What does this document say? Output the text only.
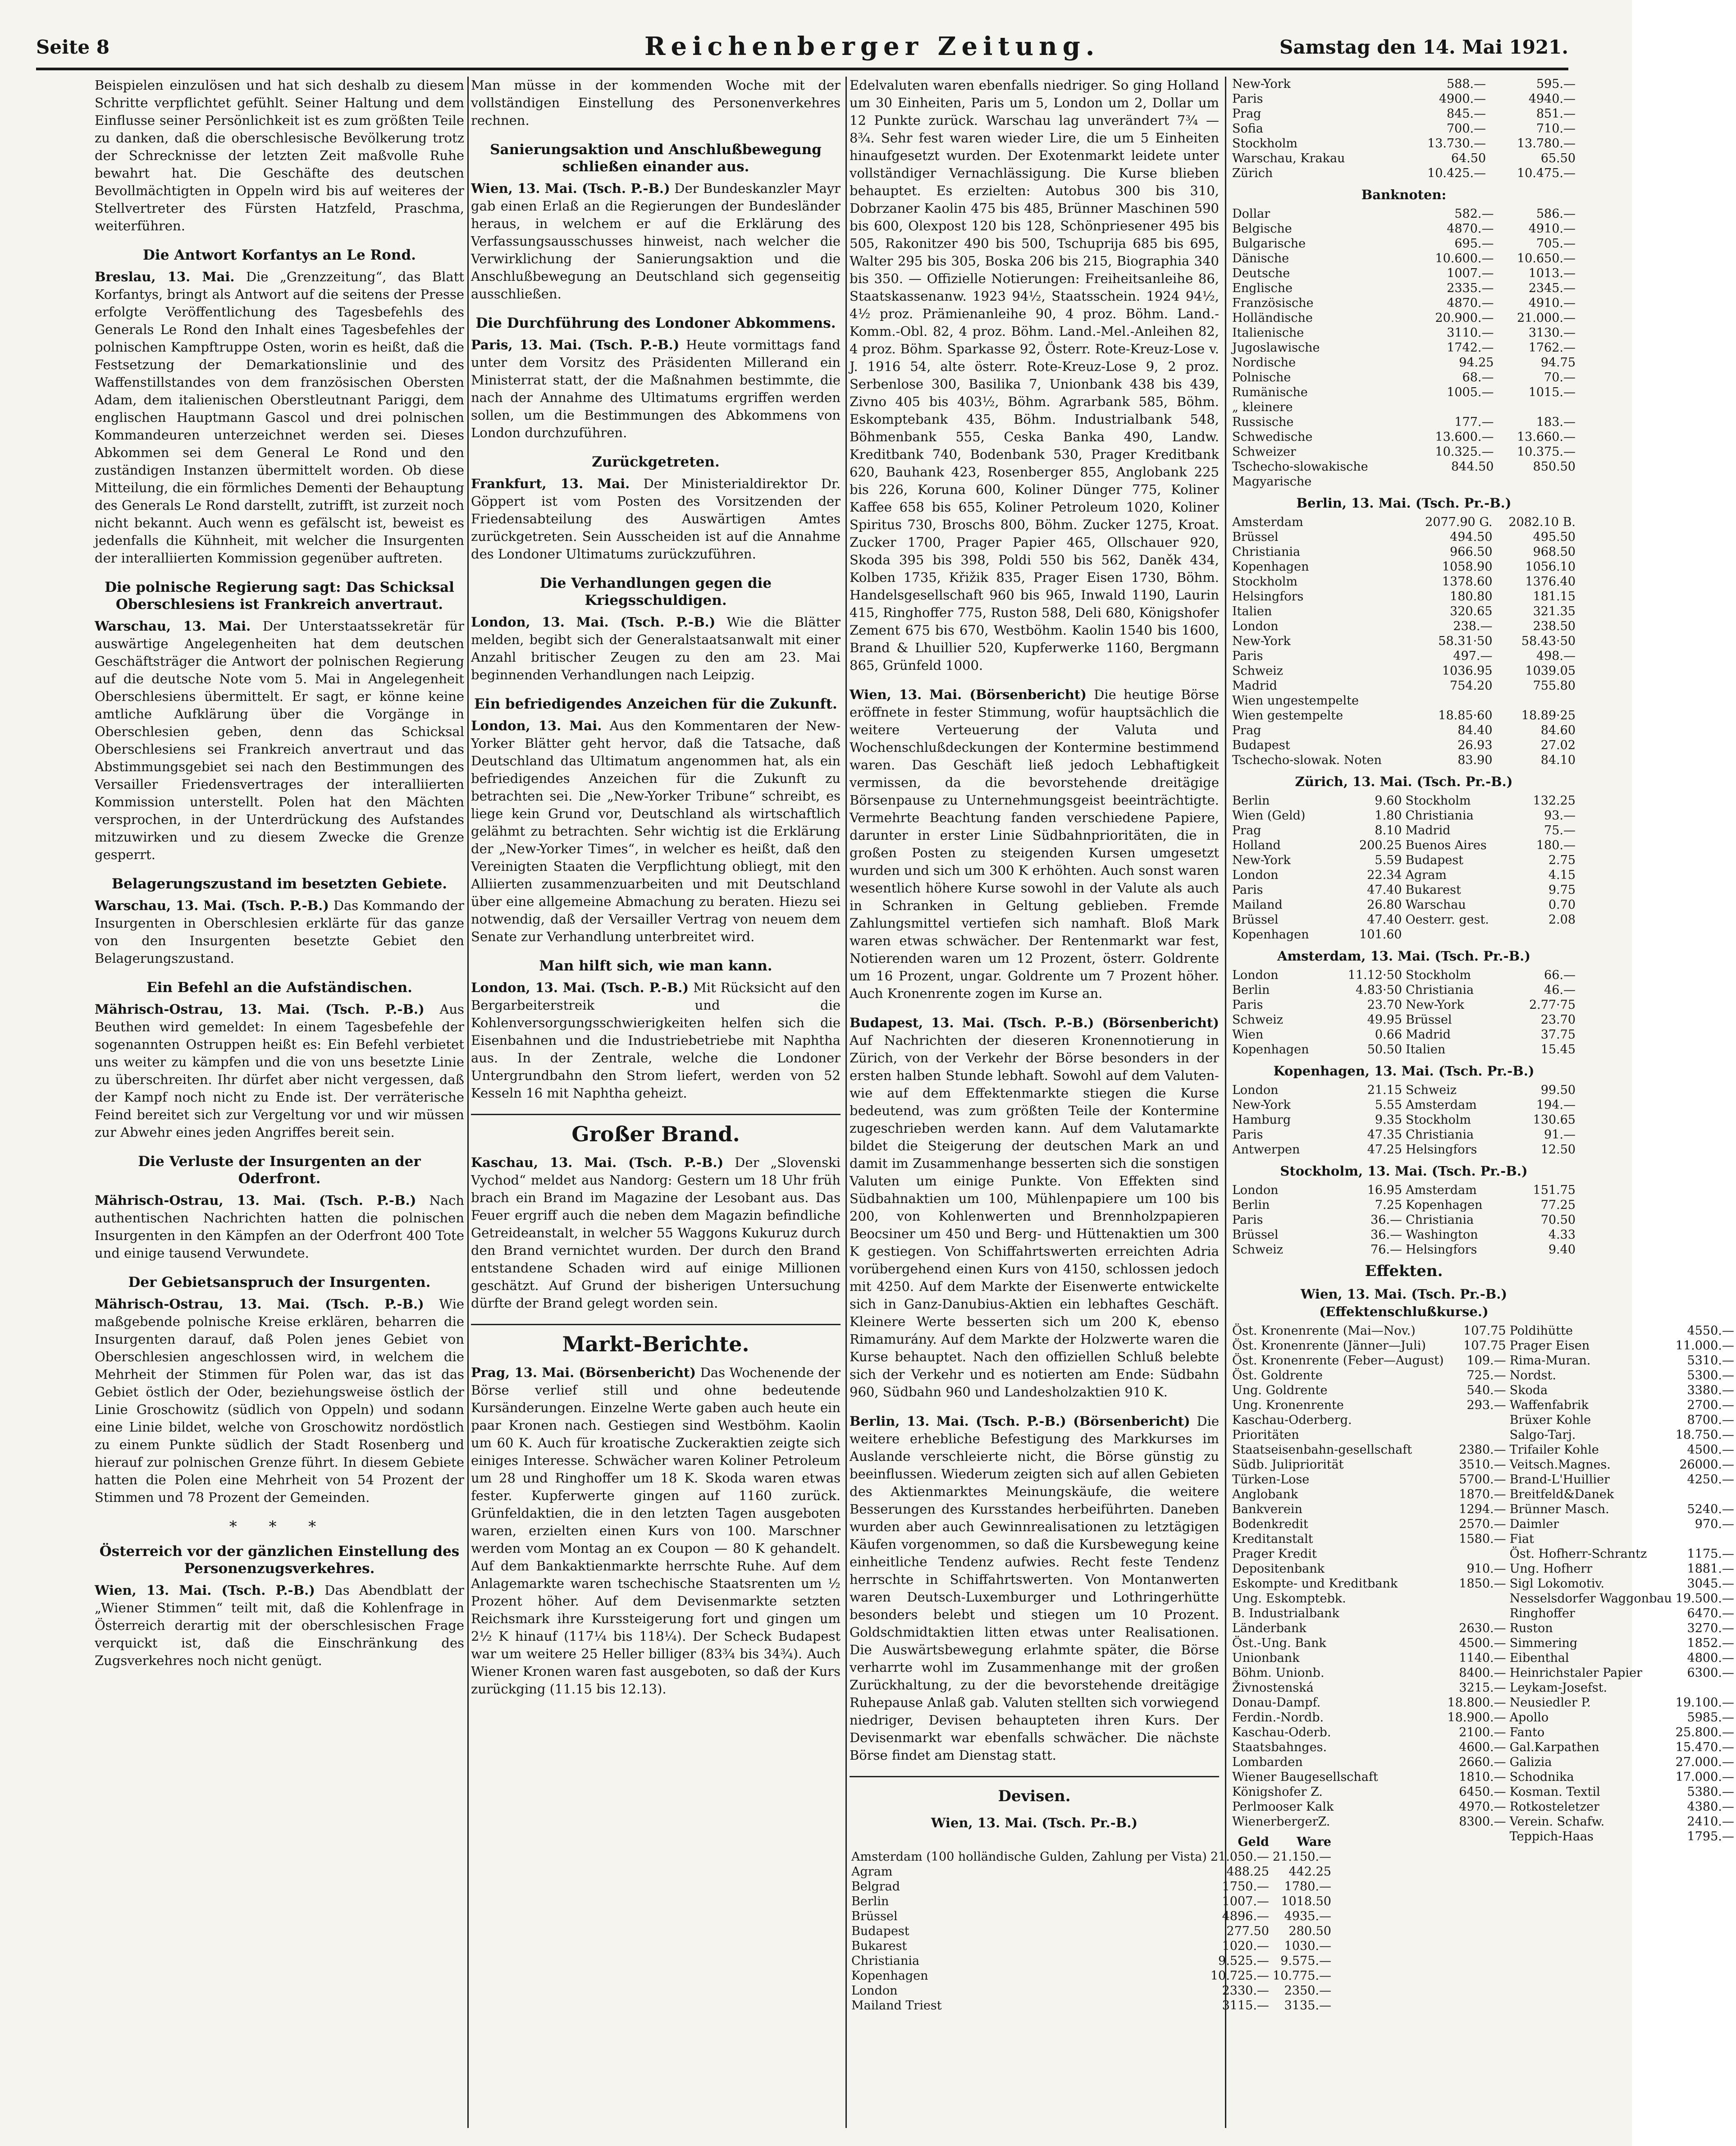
Seite 8	Reichenberger Zeitung.	Samstag den 14. Mai 1921.
Beispielen einzulösen und hat sich deshalb zu diesem Schritte verpflichtet gefühlt. Seiner Haltung und dem Einflusse seiner Persönlichkeit ist es zum größten Teile zu danken, daß die oberschlesische Bevölkerung trotz der Schrecknisse der letzten Zeit maßvolle Ruhe bewahrt hat. Die Geschäfte des deutschen Bevollmächtigten in Oppeln wird bis auf weiteres der Stellvertreter des Fürsten Hatzfeld, Praschma, weiterführen.
Die Antwort Korfantys an Le Rond.
Breslau, 13. Mai. Die „Grenzzeitung“, das Blatt Korfantys, bringt als Antwort auf die seitens der Presse erfolgte Veröffentlichung des Tagesbefehls des Generals Le Rond den Inhalt eines Tagesbefehles der polnischen Kampftruppe Osten, worin es heißt, daß die Festsetzung der Demarkationslinie und des Waffenstillstandes von dem französischen Obersten Adam, dem italienischen Oberstleutnant Pariggi, dem englischen Hauptmann Gascol und drei polnischen Kommandeuren unterzeichnet werden sei. Dieses Abkommen sei dem General Le Rond und den zuständigen Instanzen übermittelt worden. Ob diese Mitteilung, die ein förmliches Dementi der Behauptung des Generals Le Rond darstellt, zutrifft, ist zurzeit noch nicht bekannt. Auch wenn es gefälscht ist, beweist es jedenfalls die Kühnheit, mit welcher die Insurgenten der interalliierten Kommission gegenüber auftreten.
Die polnische Regierung sagt: Das Schicksal Oberschlesiens ist Frankreich anvertraut.
Warschau, 13. Mai. Der Unterstaatssekretär für auswärtige Angelegenheiten hat dem deutschen Geschäftsträger die Antwort der polnischen Regierung auf die deutsche Note vom 5. Mai in Angelegenheit Oberschlesiens übermittelt. Er sagt, er könne keine amtliche Aufklärung über die Vorgänge in Oberschlesien geben, denn das Schicksal Oberschlesiens sei Frankreich anvertraut und das Abstimmungsgebiet sei nach den Bestimmungen des Versailler Friedensvertrages der interalliierten Kommission unterstellt. Polen hat den Mächten versprochen, in der Unterdrückung des Aufstandes mitzuwirken und zu diesem Zwecke die Grenze gesperrt.
Belagerungszustand im besetzten Gebiete.
Warschau, 13. Mai. (Tsch. P.-B.) Das Kommando der Insurgenten in Oberschlesien erklärte für das ganze von den Insurgenten besetzte Gebiet den Belagerungszustand.
Ein Befehl an die Aufständischen.
Mährisch-Ostrau, 13. Mai. (Tsch. P.-B.) Aus Beuthen wird gemeldet: In einem Tagesbefehle der sogenannten Ostruppen heißt es: Ein Befehl verbietet uns weiter zu kämpfen und die von uns besetzte Linie zu überschreiten. Ihr dürfet aber nicht vergessen, daß der Kampf noch nicht zu Ende ist. Der verräterische Feind bereitet sich zur Vergeltung vor und wir müssen zur Abwehr eines jeden Angriffes bereit sein.
Die Verluste der Insurgenten an der Oderfront.
Mährisch-Ostrau, 13. Mai. (Tsch. P.-B.) Nach authentischen Nachrichten hatten die polnischen Insurgenten in den Kämpfen an der Oderfront 400 Tote und einige tausend Verwundete.
Der Gebietsanspruch der Insurgenten.
Mährisch-Ostrau, 13. Mai. (Tsch. P.-B.) Wie maßgebende polnische Kreise erklären, beharren die Insurgenten darauf, daß Polen jenes Gebiet von Oberschlesien angeschlossen wird, in welchem die Mehrheit der Stimmen für Polen war, das ist das Gebiet östlich der Oder, beziehungsweise östlich der Linie Groschowitz (südlich von Oppeln) und sodann eine Linie bildet, welche von Groschowitz nordöstlich zu einem Punkte südlich der Stadt Rosenberg und hierauf zur polnischen Grenze führt. In diesem Gebiete hatten die Polen eine Mehrheit von 54 Prozent der Stimmen und 78 Prozent der Gemeinden.
* * *
Österreich vor der gänzlichen Einstellung des Personenzugsverkehres.
Wien, 13. Mai. (Tsch. P.-B.) Das Abendblatt der „Wiener Stimmen“ teilt mit, daß die Kohlenfrage in Österreich derartig mit der oberschlesischen Frage verquickt ist, daß die Einschränkung des Zugsverkehres noch nicht genügt.
Man müsse in der kommenden Woche mit der vollständigen Einstellung des Personenverkehres rechnen.
Sanierungsaktion und Anschlußbewegung schließen einander aus.
Wien, 13. Mai. (Tsch. P.-B.) Der Bundeskanzler Mayr gab einen Erlaß an die Regierungen der Bundesländer heraus, in welchem er auf die Erklärung des Verfassungsausschusses hinweist, nach welcher die Verwirklichung der Sanierungsaktion und die Anschlußbewegung an Deutschland sich gegenseitig ausschließen.
Die Durchführung des Londoner Abkommens.
Paris, 13. Mai. (Tsch. P.-B.) Heute vormittags fand unter dem Vorsitz des Präsidenten Millerand ein Ministerrat statt, der die Maßnahmen bestimmte, die nach der Annahme des Ultimatums ergriffen werden sollen, um die Bestimmungen des Abkommens von London durchzuführen.
Zurückgetreten.
Frankfurt, 13. Mai. Der Ministerialdirektor Dr. Göppert ist vom Posten des Vorsitzenden der Friedensabteilung des Auswärtigen Amtes zurückgetreten. Sein Ausscheiden ist auf die Annahme des Londoner Ultimatums zurückzuführen.
Die Verhandlungen gegen die Kriegsschuldigen.
London, 13. Mai. (Tsch. P.-B.) Wie die Blätter melden, begibt sich der Generalstaatsanwalt mit einer Anzahl britischer Zeugen zu den am 23. Mai beginnenden Verhandlungen nach Leipzig.
Ein befriedigendes Anzeichen für die Zukunft.
London, 13. Mai. Aus den Kommentaren der New-Yorker Blätter geht hervor, daß die Tatsache, daß Deutschland das Ultimatum angenommen hat, als ein befriedigendes Anzeichen für die Zukunft zu betrachten sei. Die „New-Yorker Tribune“ schreibt, es liege kein Grund vor, Deutschland als wirtschaftlich gelähmt zu betrachten. Sehr wichtig ist die Erklärung der „New-Yorker Times“, in welcher es heißt, daß den Vereinigten Staaten die Verpflichtung obliegt, mit den Alliierten zusammenzuarbeiten und mit Deutschland über eine allgemeine Abmachung zu beraten. Hiezu sei notwendig, daß der Versailler Vertrag von neuem dem Senate zur Verhandlung unterbreitet wird.
Man hilft sich, wie man kann.
London, 13. Mai. (Tsch. P.-B.) Mit Rücksicht auf den Bergarbeiterstreik und die Kohlenversorgungsschwierigkeiten helfen sich die Eisenbahnen und die Industriebetriebe mit Naphtha aus. In der Zentrale, welche die Londoner Untergrundbahn den Strom liefert, werden von 52 Kesseln 16 mit Naphtha geheizt.
Großer Brand.
Kaschau, 13. Mai. (Tsch. P.-B.) Der „Slovenski Vychod“ meldet aus Nandorg: Gestern um 18 Uhr früh brach ein Brand im Magazine der Lesobant aus. Das Feuer ergriff auch die neben dem Magazin befindliche Getreideanstalt, in welcher 55 Waggons Kukuruz durch den Brand vernichtet wurden. Der durch den Brand entstandene Schaden wird auf einige Millionen geschätzt. Auf Grund der bisherigen Untersuchung dürfte der Brand gelegt worden sein.
Markt-Berichte.
Prag, 13. Mai. (Börsenbericht) Das Wochenende der Börse verlief still und ohne bedeutende Kursänderungen. Einzelne Werte gaben auch heute ein paar Kronen nach. Gestiegen sind Westböhm. Kaolin um 60 K. Auch für kroatische Zuckeraktien zeigte sich einiges Interesse. Schwächer waren Koliner Petroleum um 28 und Ringhoffer um 18 K. Skoda waren etwas fester. Kupferwerte gingen auf 1160 zurück. Grünfeldaktien, die in den letzten Tagen ausgeboten waren, erzielten einen Kurs von 100. Marschner werden vom Montag an ex Coupon — 80 K gehandelt. Auf dem Bankaktienmarkte herrschte Ruhe. Auf dem Anlagemarkte waren tschechische Staatsrenten um ½ Prozent höher. Auf dem Devisenmarkte setzten Reichsmark ihre Kurssteigerung fort und gingen um 2½ K hinauf (117¼ bis 118¼). Der Scheck Budapest war um weitere 25 Heller billiger (83¾ bis 34¾). Auch Wiener Kronen waren fast ausgeboten, so daß der Kurs zurückging (11.15 bis 12.13).
Edelvaluten waren ebenfalls niedriger. So ging Holland um 30 Einheiten, Paris um 5, London um 2, Dollar um 12 Punkte zurück. Warschau lag unverändert 7¾ — 8¾. Sehr fest waren wieder Lire, die um 5 Einheiten hinaufgesetzt wurden. Der Exotenmarkt leidete unter vollständiger Vernachlässigung. Die Kurse blieben behauptet. Es erzielten: Autobus 300 bis 310, Dobrzaner Kaolin 475 bis 485, Brünner Maschinen 590 bis 600, Olexpost 120 bis 128, Schönpriesener 495 bis 505, Rakonitzer 490 bis 500, Tschuprija 685 bis 695, Walter 295 bis 305, Boska 206 bis 215, Biographia 340 bis 350. — Offizielle Notierungen: Freiheitsanleihe 86, Staatskassenanw. 1923 94½, Staatsschein. 1924 94½, 4½ proz. Prämienanleihe 90, 4 proz. Böhm. Land.-Komm.-Obl. 82, 4 proz. Böhm. Land.-Mel.-Anleihen 82, 4 proz. Böhm. Sparkasse 92, Österr. Rote-Kreuz-Lose v. J. 1916 54, alte österr. Rote-Kreuz-Lose 9, 2 proz. Serbenlose 300, Basilika 7, Unionbank 438 bis 439, Zivno 405 bis 403½, Böhm. Agrarbank 585, Böhm. Eskomptebank 435, Böhm. Industrialbank 548, Böhmenbank 555, Ceska Banka 490, Landw. Kreditbank 740, Bodenbank 530, Prager Kreditbank 620, Bauhank 423, Rosenberger 855, Anglobank 225 bis 226, Koruna 600, Koliner Dünger 775, Koliner Kaffee 658 bis 655, Koliner Petroleum 1020, Koliner Spiritus 730, Broschs 800, Böhm. Zucker 1275, Kroat. Zucker 1700, Prager Papier 465, Ollschauer 920, Skoda 395 bis 398, Poldi 550 bis 562, Daněk 434, Kolben 1735, Křižik 835, Prager Eisen 1730, Böhm. Handelsgesellschaft 960 bis 965, Inwald 1190, Laurin 415, Ringhoffer 775, Ruston 588, Deli 680, Königshofer Zement 675 bis 670, Westböhm. Kaolin 1540 bis 1600, Brand & Lhuillier 520, Kupferwerke 1160, Bergmann 865, Grünfeld 1000.
Wien, 13. Mai. (Börsenbericht) Die heutige Börse eröffnete in fester Stimmung, wofür hauptsächlich die weitere Verteuerung der Valuta und Wochenschlußdeckungen der Kontermine bestimmend waren. Das Geschäft ließ jedoch Lebhaftigkeit vermissen, da die bevorstehende dreitägige Börsenpause zu Unternehmungsgeist beeinträchtigte. Vermehrte Beachtung fanden verschiedene Papiere, darunter in erster Linie Südbahnprioritäten, die in großen Posten zu steigenden Kursen umgesetzt wurden und sich um 300 K erhöhten. Auch sonst waren wesentlich höhere Kurse sowohl in der Valute als auch in Schranken in Geltung geblieben. Fremde Zahlungsmittel vertiefen sich namhaft. Bloß Mark waren etwas schwächer. Der Rentenmarkt war fest, Notierenden waren um 12 Prozent, österr. Goldrente um 16 Prozent, ungar. Goldrente um 7 Prozent höher. Auch Kronenrente zogen im Kurse an.
Budapest, 13. Mai. (Tsch. P.-B.) (Börsenbericht) Auf Nachrichten der dieseren Kronennotierung in Zürich, von der Verkehr der Börse besonders in der ersten halben Stunde lebhaft. Sowohl auf dem Valuten- wie auf dem Effektenmarkte stiegen die Kurse bedeutend, was zum größten Teile der Kontermine zugeschrieben werden kann. Auf dem Valutamarkte bildet die Steigerung der deutschen Mark an und damit im Zusammenhange besserten sich die sonstigen Valuten um einige Punkte. Von Effekten sind Südbahnaktien um 100, Mühlenpapiere um 100 bis 200, von Kohlenwerten und Brennholzpapieren Beocsiner um 450 und Berg- und Hüttenaktien um 300 K gestiegen. Von Schiffahrtswerten erreichten Adria vorübergehend einen Kurs von 4150, schlossen jedoch mit 4250. Auf dem Markte der Eisenwerte entwickelte sich in Ganz-Danubius-Aktien ein lebhaftes Geschäft. Kleinere Werte besserten sich um 200 K, ebenso Rimamurány. Auf dem Markte der Holzwerte waren die Kurse behauptet. Nach den offiziellen Schluß belebte sich der Verkehr und es notierten am Ende: Südbahn 960, Südbahn 960 und Landesholzaktien 910 K.
Berlin, 13. Mai. (Tsch. P.-B.) (Börsenbericht) Die weitere erhebliche Befestigung des Markkurses im Auslande verschleierte nicht, die Börse günstig zu beeinflussen. Wiederum zeigten sich auf allen Gebieten des Aktienmarktes Meinungskäufe, die weitere Besserungen des Kursstandes herbeiführten. Daneben wurden aber auch Gewinnrealisationen zu letztägigen Käufen vorgenommen, so daß die Kursbewegung keine einheitliche Tendenz aufwies. Recht feste Tendenz herrschte in Schiffahrtswerten. Von Montanwerten waren Deutsch-Luxemburger und Lothringerhütte besonders belebt und stiegen um 10 Prozent. Goldschmidtaktien litten etwas unter Realisationen. Die Auswärtsbewegung erlahmte später, die Börse verharrte wohl im Zusammenhange mit der großen Zurückhaltung, zu der die bevorstehende dreitägige Ruhepause Anlaß gab. Valuten stellten sich vorwiegend niedriger, Devisen behaupteten ihren Kurs. Der Devisenmarkt war ebenfalls schwächer. Die nächste Börse findet am Dienstag statt.
Devisen.
Wien, 13. Mai. (Tsch. Pr.-B.)
	Geld	Ware
Amsterdam (100 holländische Gulden, Zahlung per Vista)	21.050.—	21.150.—
Agram	488.25	442.25
Belgrad	1750.—	1780.—
Berlin	1007.—	1018.50
Brüssel	4896.—	4935.—
Budapest	277.50	280.50
Bukarest	1020.—	1030.—
Christiania	9.525.—	9.575.—
Kopenhagen	10.725.—	10.775.—
London	2330.—	2350.—
Mailand Triest	3115.—	3135.—
New-York	588.—	595.—
Paris	4900.—	4940.—
Prag	845.—	851.—
Sofia	700.—	710.—
Stockholm	13.730.—	13.780.—
Warschau, Krakau	64.50	65.50
Zürich	10.425.—	10.475.—
Banknoten:
Dollar	582.—	586.—
Belgische	4870.—	4910.—
Bulgarische	695.—	705.—
Dänische	10.600.—	10.650.—
Deutsche	1007.—	1013.—
Englische	2335.—	2345.—
Französische	4870.—	4910.—
Holländische	20.900.—	21.000.—
Italienische	3110.—	3130.—
Jugoslawische	1742.—	1762.—
Nordische	94.25	94.75
Polnische	68.—	70.—
Rumänische	1005.—	1015.—
„ kleinere		
Russische	177.—	183.—
Schwedische	13.600.—	13.660.—
Schweizer	10.325.—	10.375.—
Tschecho-slowakische	844.50	850.50
Magyarische		
Berlin, 13. Mai. (Tsch. Pr.-B.)
Amsterdam	2077.90 G.	2082.10 B.
Brüssel	494.50	495.50
Christiania	966.50	968.50
Kopenhagen	1058.90	1056.10
Stockholm	1378.60	1376.40
Helsingfors	180.80	181.15
Italien	320.65	321.35
London	238.—	238.50
New-York	58.31·50	58.43·50
Paris	497.—	498.—
Schweiz	1036.95	1039.05
Madrid	754.20	755.80
Wien ungestempelte		
Wien gestempelte	18.85·60	18.89·25
Prag	84.40	84.60
Budapest	26.93	27.02
Tschecho-slowak. Noten	83.90	84.10
Zürich, 13. Mai. (Tsch. Pr.-B.)
Berlin	9.60	Stockholm	132.25
Wien (Geld)	1.80	Christiania	93.—
Prag	8.10	Madrid	75.—
Holland	200.25	Buenos Aires	180.—
New-York	5.59	Budapest	2.75
London	22.34	Agram	4.15
Paris	47.40	Bukarest	9.75
Mailand	26.80	Warschau	0.70
Brüssel	47.40	Oesterr. gest.	2.08
Kopenhagen	101.60		
Amsterdam, 13. Mai. (Tsch. Pr.-B.)
London	11.12·50	Stockholm	66.—
Berlin	4.83·50	Christiania	46.—
Paris	23.70	New-York	2.77·75
Schweiz	49.95	Brüssel	23.70
Wien	0.66	Madrid	37.75
Kopenhagen	50.50	Italien	15.45
Kopenhagen, 13. Mai. (Tsch. Pr.-B.)
London	21.15	Schweiz	99.50
New-York	5.55	Amsterdam	194.—
Hamburg	9.35	Stockholm	130.65
Paris	47.35	Christiania	91.—
Antwerpen	47.25	Helsingfors	12.50
Stockholm, 13. Mai. (Tsch. Pr.-B.)
London	16.95	Amsterdam	151.75
Berlin	7.25	Kopenhagen	77.25
Paris	36.—	Christiania	70.50
Brüssel	36.—	Washington	4.33
Schweiz	76.—	Helsingfors	9.40
Effekten.
Wien, 13. Mai. (Tsch. Pr.-B.) (Effektenschlußkurse.)
Öst. Kronenrente (Mai—Nov.)	107.75	Poldihütte	4550.—
Öst. Kronenrente (Jänner—Juli)	107.75	Prager Eisen	11.000.—
Öst. Kronenrente (Feber—August)	109.—	Rima-Muran.	5310.—
Öst. Goldrente	725.—	Nordst.	5300.—
Ung. Goldrente	540.—	Skoda	3380.—
Ung. Kronenrente	293.—	Waffenfabrik	2700.—
Kaschau-Oderberg.		Brüxer Kohle	8700.—
Prioritäten		Salgo-Tarj.	18.750.—
Staatseisenbahn-gesellschaft	2380.—	Trifailer Kohle	4500.—
Südb. Julipriorität	3510.—	Veitsch.Magnes.	26000.—
Türken-Lose	5700.—	Brand-L'Huillier	4250.—
Anglobank	1870.—	Breitfeld&Danek	
Bankverein	1294.—	Brünner Masch.	5240.—
Bodenkredit	2570.—	Daimler	970.—
Kreditanstalt	1580.—	Fiat	
Prager Kredit		Öst. Hofherr-Schrantz	1175.—
Depositenbank	910.—	Ung. Hofherr	1881.—
Eskompte- und Kreditbank	1850.—	Sigl Lokomotiv.	3045.—
Ung. Eskomptebk.		Nesselsdorfer Waggonbau	19.500.—
B. Industrialbank		Ringhoffer	6470.—
Länderbank	2630.—	Ruston	3270.—
Öst.-Ung. Bank	4500.—	Simmering	1852.—
Unionbank	1140.—	Eibenthal	4800.—
Böhm. Unionb.	8400.—	Heinrichstaler Papier	6300.—
Živnostenská	3215.—	Leykam-Josefst.	
Donau-Dampf.	18.800.—	Neusiedler P.	19.100.—
Ferdin.-Nordb.	18.900.—	Apollo	5985.—
Kaschau-Oderb.	2100.—	Fanto	25.800.—
Staatsbahnges.	4600.—	Gal.Karpathen	15.470.—
Lombarden	2660.—	Galizia	27.000.—
Wiener Baugesellschaft	1810.—	Schodnika	17.000.—
Königshofer Z.	6450.—	Kosman. Textil	5380.—
Perlmooser Kalk	4970.—	Rotkosteletzer	4380.—
WienerbergerZ.	8300.—	Verein. Schafw.	2410.—
		Teppich-Haas	1795.—
